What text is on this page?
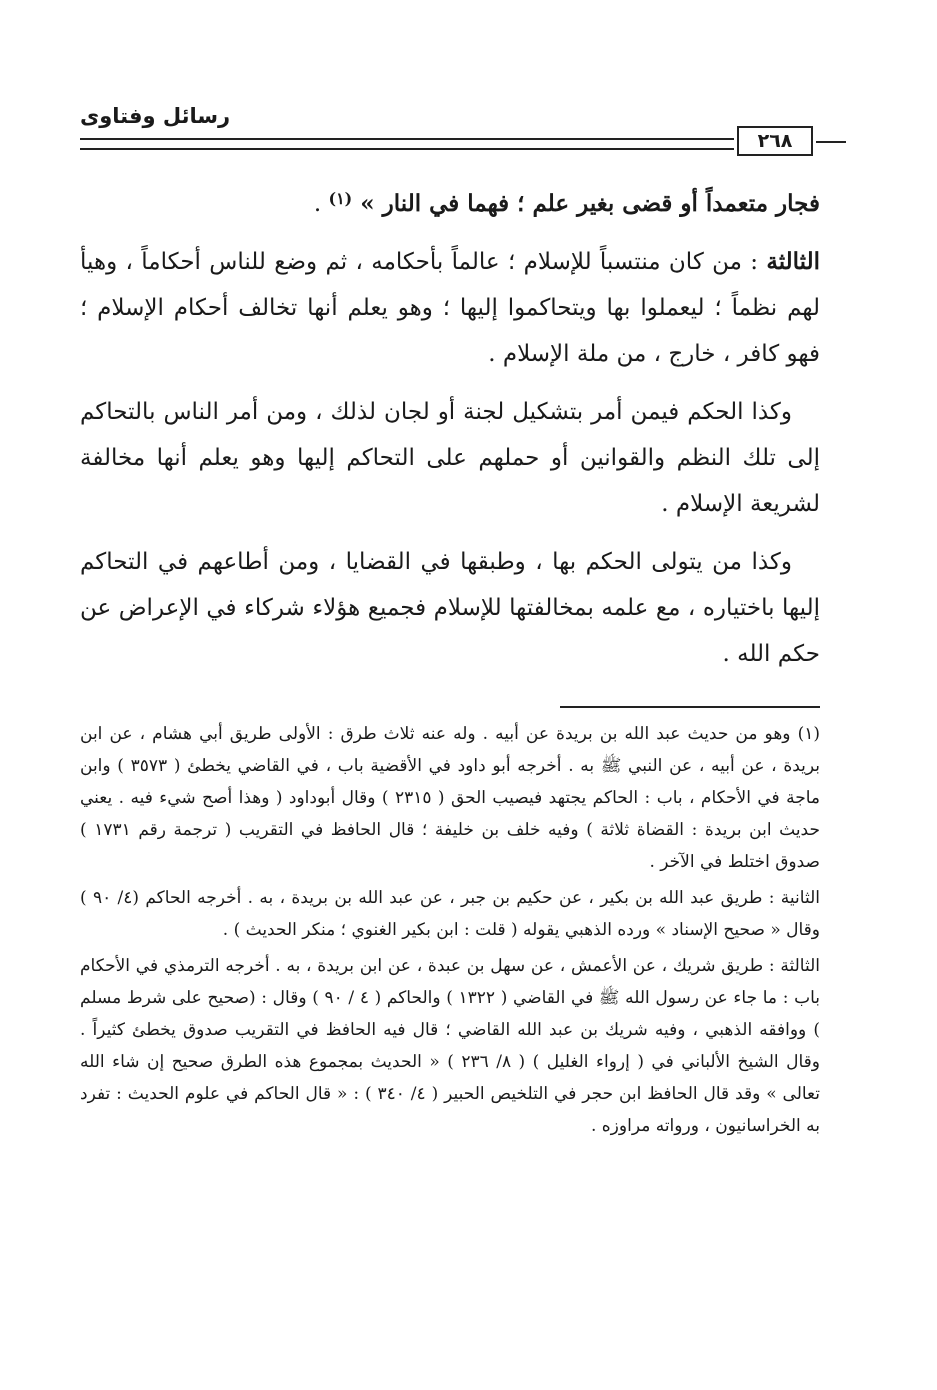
رسائل وفتاوى
٢٦٨

فجار متعمداً أو قضى بغير علم ؛ فهما في النار » $^{(١)}$ .

الثالثة : من كان منتسباً للإسلام ؛ عالماً بأحكامه ، ثم وضع للناس أحكاماً ، وهيأ لهم نظماً ؛ ليعملوا بها ويتحاكموا إليها ؛ وهو يعلم أنها تخالف أحكام الإسلام ؛ فهو كافر ، خارج ، من ملة الإسلام .

وكذا الحكم فيمن أمر بتشكيل لجنة أو لجان لذلك ، ومن أمر الناس بالتحاكم إلى تلك النظم والقوانين أو حملهم على التحاكم إليها وهو يعلم أنها مخالفة لشريعة الإسلام .

وكذا من يتولى الحكم بها ، وطبقها في القضايا ، ومن أطاعهم في التحاكم إليها باختياره ، مع علمه بمخالفتها للإسلام فجميع هؤلاء شركاء في الإعراض عن حكم الله .

(١) وهو من حديث عبد الله بن بريدة عن أبيه . وله عنه ثلاث طرق : الأولى طريق أبي هشام ، عن ابن بريدة ، عن أبيه ، عن النبي ﷺ به . أخرجه أبو داود في الأقضية باب ، في القاضي يخطئ ( ٣٥٧٣ ) وابن ماجة في الأحكام ، باب : الحاكم يجتهد فيصيب الحق ( ٢٣١٥ ) وقال أبوداود ( وهذا أصح شيء فيه . يعني حديث ابن بريدة : القضاة ثلاثة ) وفيه خلف بن خليفة ؛ قال الحافظ في التقريب ( ترجمة رقم ١٧٣١ ) صدوق اختلط في الآخر .

الثانية : طريق عبد الله بن بكير ، عن حكيم بن جبر ، عن عبد الله بن بريدة ، به . أخرجه الحاكم (٤/ ٩٠ ) وقال « صحيح الإسناد » ورده الذهبي يقوله ( قلت : ابن بكير الغنوي ؛ منكر الحديث ) .

الثالثة : طريق شريك ، عن الأعمش ، عن سهل بن عبدة ، عن ابن بريدة ، به . أخرجه الترمذي في الأحكام باب : ما جاء عن رسول الله ﷺ في القاضي ( ١٣٢٢ ) والحاكم ( ٤ / ٩٠ ) وقال : (صحيح على شرط مسلم ) ووافقه الذهبي ، وفيه شريك بن عبد الله القاضي ؛ قال فيه الحافظ في التقريب صدوق يخطئ كثيراً . وقال الشيخ الألباني في ( إرواء الغليل ) ( ٨/ ٢٣٦ ) « الحديث بمجموع هذه الطرق صحيح إن شاء الله تعالى » وقد قال الحافظ ابن حجر في التلخيص الحبير ( ٤/ ٣٤٠ ) : « قال الحاكم في علوم الحديث : تفرد به الخراسانيون ، ورواته مراوزه .
